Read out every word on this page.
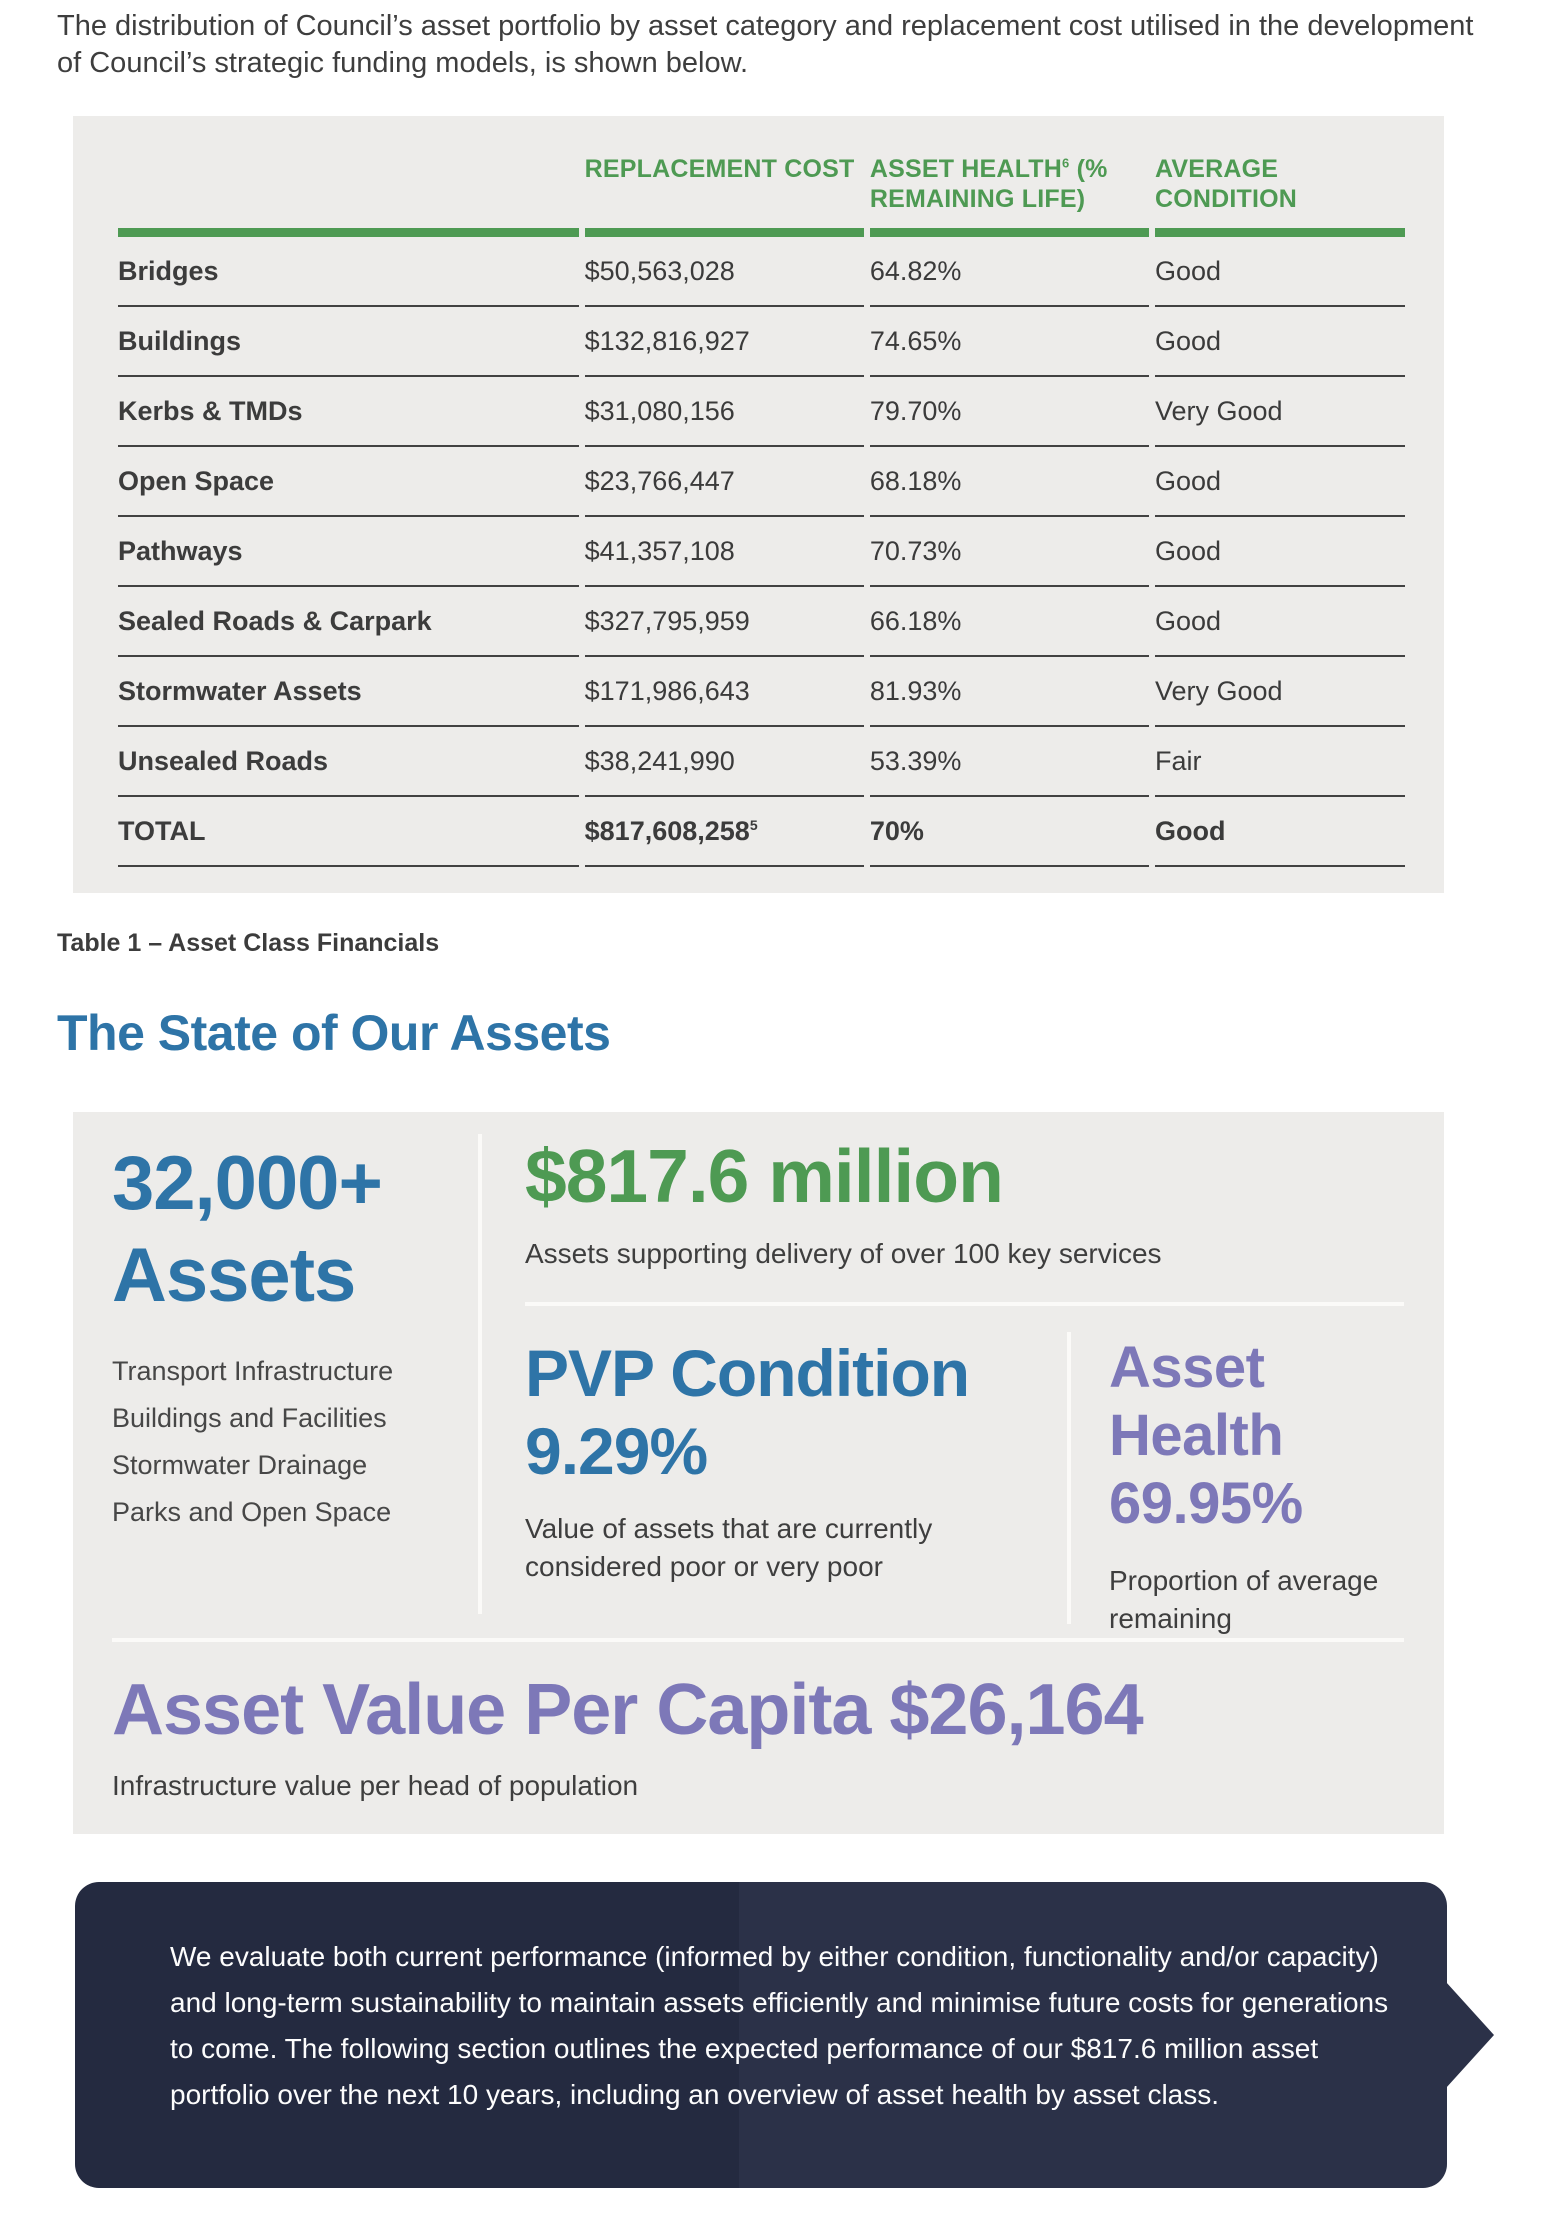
The distribution of Council’s asset portfolio by asset category and replacement cost utilised in the development of Council’s strategic funding models, is shown below.

	REPLACEMENT COST	ASSET HEALTH$^6$ (% REMAINING LIFE)	AVERAGE CONDITION
Bridges	$50,563,028	64.82%	Good
Buildings	$132,816,927	74.65%	Good
Kerbs & TMDs	$31,080,156	79.70%	Very Good
Open Space	$23,766,447	68.18%	Good
Pathways	$41,357,108	70.73%	Good
Sealed Roads & Carpark	$327,795,959	66.18%	Good
Stormwater Assets	$171,986,643	81.93%	Very Good
Unsealed Roads	$38,241,990	53.39%	Fair
TOTAL	$817,608,258$^5$	70%	Good

Table 1 – Asset Class Financials

The State of Our Assets
32,000+
Assets
Transport Infrastructure
Buildings and Facilities
Stormwater Drainage
Parks and Open Space
$817.6 million

Assets supporting delivery of over 100 key services

PVP Condition
9.29%

Value of assets that are currently considered poor or very poor

Asset Health
69.95%

Proportion of average remaining

Asset Value Per Capita $26,164

Infrastructure value per head of population

We evaluate both current performance (informed by either condition, functionality and/or capacity) and long-term sustainability to maintain assets efficiently and minimise future costs for generations to come. The following section outlines the expected performance of our $817.6 million asset portfolio over the next 10 years, including an overview of asset health by asset class.
